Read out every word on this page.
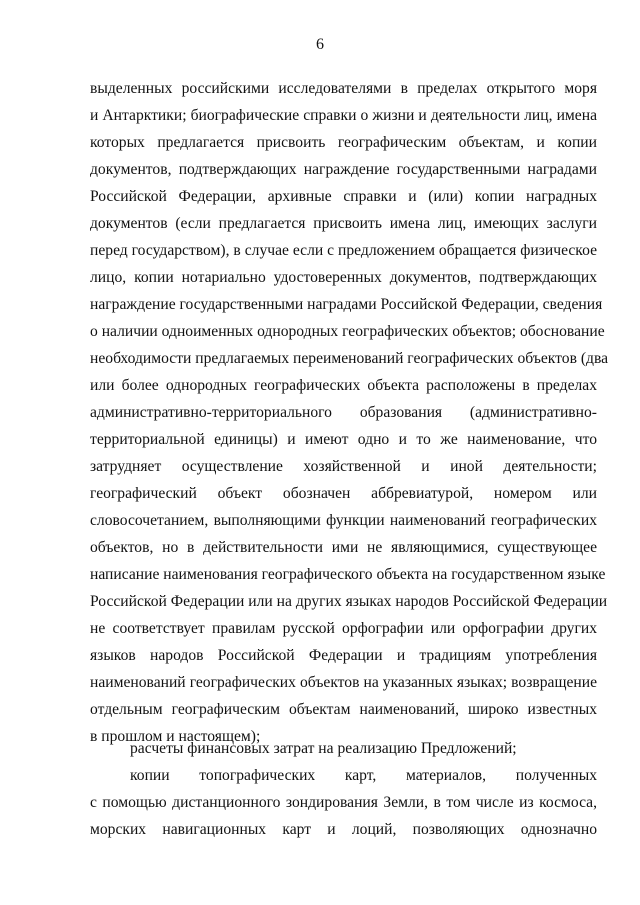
6
выделенных российскими исследователями в пределах открытого моря
и Антарктики; биографические справки о жизни и деятельности лиц, имена
которых предлагается присвоить географическим объектам, и копии
документов, подтверждающих награждение государственными наградами
Российской Федерации, архивные справки и (или) копии наградных
документов (если предлагается присвоить имена лиц, имеющих заслуги
перед государством), в случае если с предложением обращается физическое
лицо, копии нотариально удостоверенных документов, подтверждающих
награждение государственными наградами Российской Федерации, сведения
о наличии одноименных однородных географических объектов; обоснование
необходимости предлагаемых переименований географических объектов (два
или более однородных географических объекта расположены в пределах
административно-территориального образования (административно-
территориальной единицы) и имеют одно и то же наименование, что
затрудняет осуществление хозяйственной и иной деятельности;
географический объект обозначен аббревиатурой, номером или
словосочетанием, выполняющими функции наименований географических
объектов, но в действительности ими не являющимися, существующее
написание наименования географического объекта на государственном языке
Российской Федерации или на других языках народов Российской Федерации
не соответствует правилам русской орфографии или орфографии других
языков народов Российской Федерации и традициям употребления
наименований географических объектов на указанных языках; возвращение
отдельным географическим объектам наименований, широко известных
в прошлом и настоящем);
расчеты финансовых затрат на реализацию Предложений;
копии топографических карт, материалов, полученных
с помощью дистанционного зондирования Земли, в том числе из космоса,
морских навигационных карт и лоций, позволяющих однозначно
